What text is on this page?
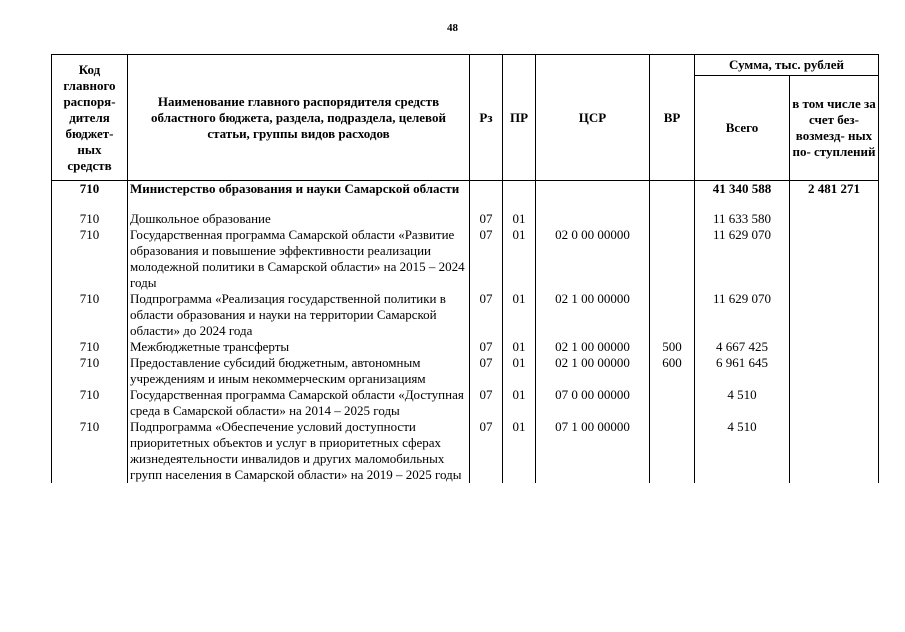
48
Код главного распоря- дителя бюджет- ных средств	Наименование главного распорядителя средств областного бюджета, раздела, подраздела, целевой статьи, группы видов расходов	Рз	ПР	ЦСР	ВР	Сумма, тыс. рублей	
						Всего	в том числе за счет без- возмезд- ных по- ступлений
710	Министерство образования и науки Самарской области					41 340 588	2 481 271
710	Дошкольное образование	07	01			11 633 580	
710	Государственная программа Самарской области «Развитие образования и повышение эффективности реализации молодежной политики в Самарской области» на 2015 – 2024 годы	07	01	02 0 00 00000		11 629 070	
710	Подпрограмма «Реализация государственной политики в области образования и науки на территории Самарской области» до 2024 года	07	01	02 1 00 00000		11 629 070	
710	Межбюджетные трансферты	07	01	02 1 00 00000	500	4 667 425	
710	Предоставление субсидий бюджетным, автономным учреждениям и иным некоммерческим организациям	07	01	02 1 00 00000	600	6 961 645	
710	Государственная программа Самарской области «Доступная среда в Самарской области» на 2014 – 2025 годы	07	01	07 0 00 00000		4 510	
710	Подпрограмма «Обеспечение условий доступности приоритетных объектов и услуг в приоритетных сферах жизнедеятельности инвалидов и других маломобильных групп населения в Самарской области» на 2019 – 2025 годы	07	01	07 1 00 00000		4 510	
